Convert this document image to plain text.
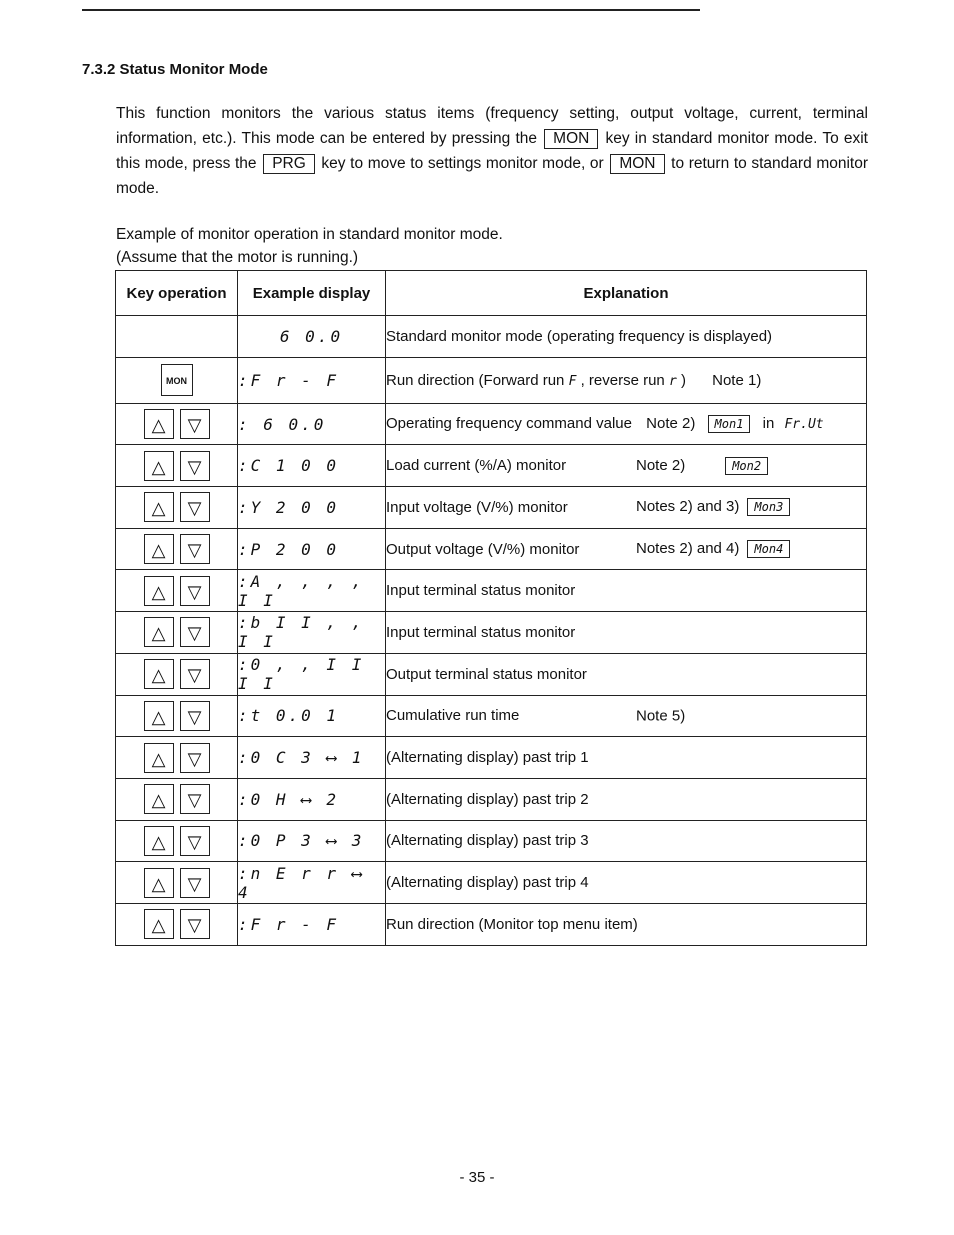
7.3.2 Status Monitor Mode
This function monitors the various status items (frequency setting, output voltage, current, terminal information, etc.). This mode can be entered by pressing the MON key in standard monitor mode. To exit this mode, press the PRG key to move to settings monitor mode, or MON to return to standard monitor mode.
Example of monitor operation in standard monitor mode.
(Assume that the motor is running.)
Key operation	Example display	Explanation
	6 0.0	Standard monitor mode (operating frequency is displayed)
MON	:F r - F	Run direction (Forward run F , reverse run r ) Note 1)
△ ▽	: 6 0.0	Operating frequency command value Note 2) Mon1 in Fr.Ut
△ ▽	:C 1 0 0	Load current (%/A) monitor Note 2) Mon2

△ ▽	:Y 2 0 0	Input voltage (V/%) monitor Notes 2) and 3) Mon3

△ ▽	:P 2 0 0	Output voltage (V/%) monitor Notes 2) and 4) Mon4

△ ▽	:A , , , , I I	Input terminal status monitor
△ ▽	:b I I , , I I	Input terminal status monitor
△ ▽	:0 , , I I I I	Output terminal status monitor
△ ▽	:t 0.0 1	Cumulative run time Note 5)

△ ▽	:0 C 3 ⟷ 1	(Alternating display) past trip 1
△ ▽	:0 H ⟷ 2	(Alternating display) past trip 2
△ ▽	:0 P 3 ⟷ 3	(Alternating display) past trip 3
△ ▽	:n E r r ⟷ 4	(Alternating display) past trip 4
△ ▽	:F r - F	Run direction (Monitor top menu item)
- 35 -
